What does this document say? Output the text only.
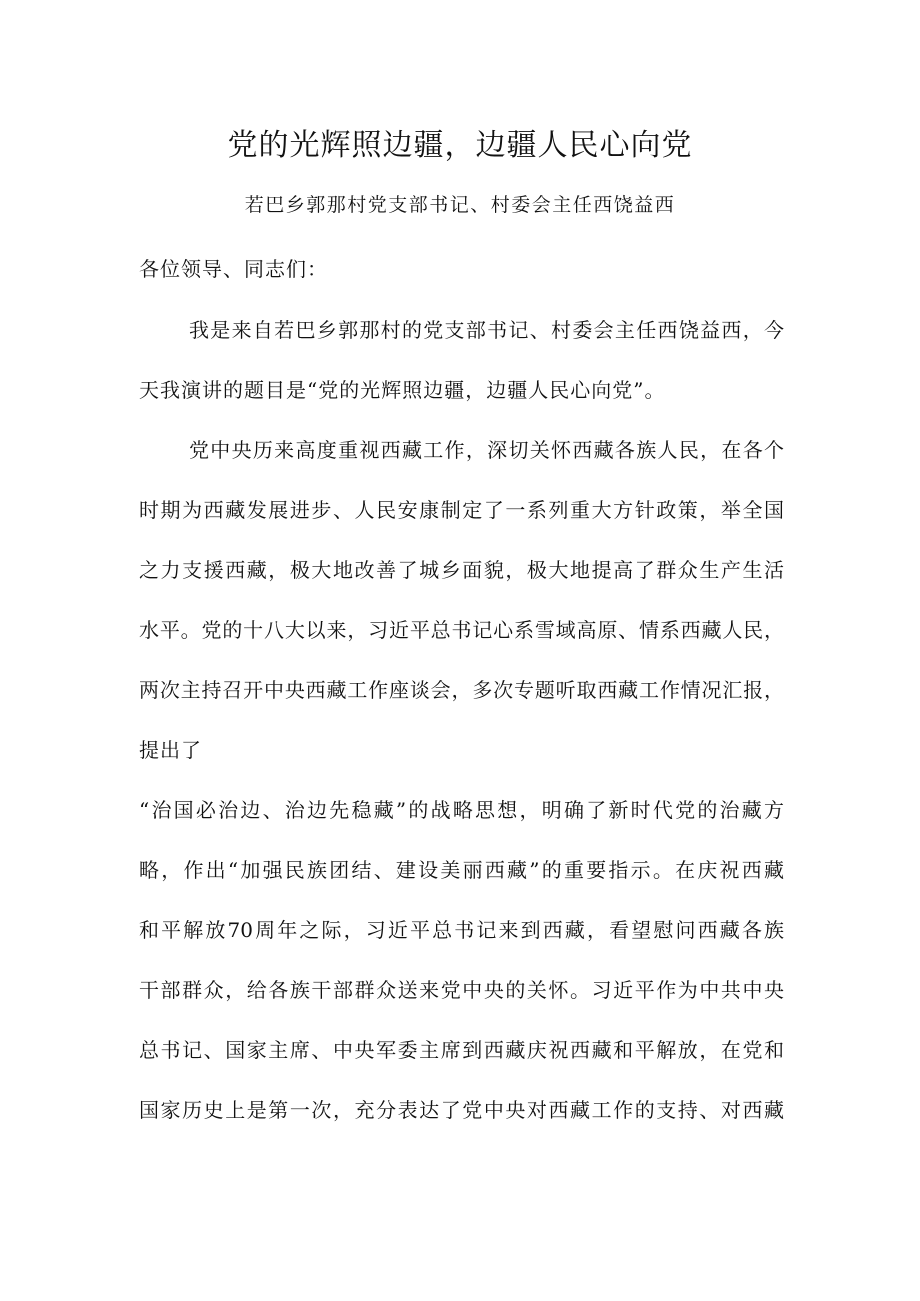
党的光辉照边疆，边疆人民心向党
若巴乡郭那村党支部书记、村委会主任西饶益西
各位领导、同志们：
我是来自若巴乡郭那村的党支部书记、村委会主任西饶益西，今
天我演讲的题目是“党的光辉照边疆，边疆人民心向党”。
党中央历来高度重视西藏工作，深切关怀西藏各族人民，在各个
时期为西藏发展进步、人民安康制定了一系列重大方针政策，举全国
之力支援西藏，极大地改善了城乡面貌，极大地提高了群众生产生活
水平。党的十八大以来，习近平总书记心系雪域高原、情系西藏人民，
两次主持召开中央西藏工作座谈会，多次专题听取西藏工作情况汇报，
提出了
“治国必治边、治边先稳藏”的战略思想，明确了新时代党的治藏方
略，作出“加强民族团结、建设美丽西藏”的重要指示。在庆祝西藏
和平解放70周年之际，习近平总书记来到西藏，看望慰问西藏各族
干部群众，给各族干部群众送来党中央的关怀。习近平作为中共中央
总书记、国家主席、中央军委主席到西藏庆祝西藏和平解放，在党和
国家历史上是第一次，充分表达了党中央对西藏工作的支持、对西藏
